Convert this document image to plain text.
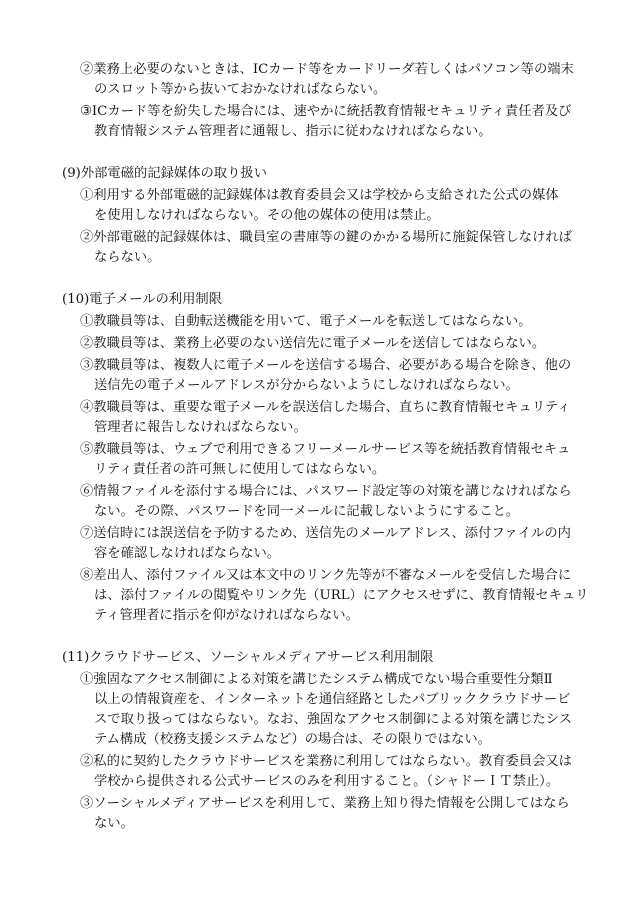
②業務上必要のないときは、ICカード等をカードリーダ若しくはパソコン等の端末
のスロット等から抜いておかなければならない。
③ICカード等を紛失した場合には、速やかに統括教育情報セキュリティ責任者及び
教育情報システム管理者に通報し、指示に従わなければならない。
(9)外部電磁的記録媒体の取り扱い
①利用する外部電磁的記録媒体は教育委員会又は学校から支給された公式の媒体
を使用しなければならない。その他の媒体の使用は禁止。
②外部電磁的記録媒体は、職員室の書庫等の鍵のかかる場所に施錠保管しなければ
ならない。
(10)電子メールの利用制限
①教職員等は、自動転送機能を用いて、電子メールを転送してはならない。
②教職員等は、業務上必要のない送信先に電子メールを送信してはならない。
③教職員等は、複数人に電子メールを送信する場合、必要がある場合を除き、他の
送信先の電子メールアドレスが分からないようにしなければならない。
④教職員等は、重要な電子メールを誤送信した場合、直ちに教育情報セキュリティ
管理者に報告しなければならない。
⑤教職員等は、ウェブで利用できるフリーメールサービス等を統括教育情報セキュ
リティ責任者の許可無しに使用してはならない。
⑥情報ファイルを添付する場合には、パスワード設定等の対策を講じなければなら
ない。その際、パスワードを同一メールに記載しないようにすること。
⑦送信時には誤送信を予防するため、送信先のメールアドレス、添付ファイルの内
容を確認しなければならない。
⑧差出人、添付ファイル又は本文中のリンク先等が不審なメールを受信した場合に
は、添付ファイルの閲覧やリンク先（URL）にアクセスせずに、教育情報セキュリ
ティ管理者に指示を仰がなければならない。
(11)クラウドサービス、ソーシャルメディアサービス利用制限
①強固なアクセス制御による対策を講じたシステム構成でない場合重要性分類Ⅱ
以上の情報資産を、インターネットを通信経路としたパブリッククラウドサービ
スで取り扱ってはならない。なお、強固なアクセス制御による対策を講じたシス
テム構成（校務支援システムなど）の場合は、その限りではない。
②私的に契約したクラウドサービスを業務に利用してはならない。教育委員会又は
学校から提供される公式サービスのみを利用すること。（シャドーＩＴ禁止）。
③ソーシャルメディアサービスを利用して、業務上知り得た情報を公開してはなら
ない。
